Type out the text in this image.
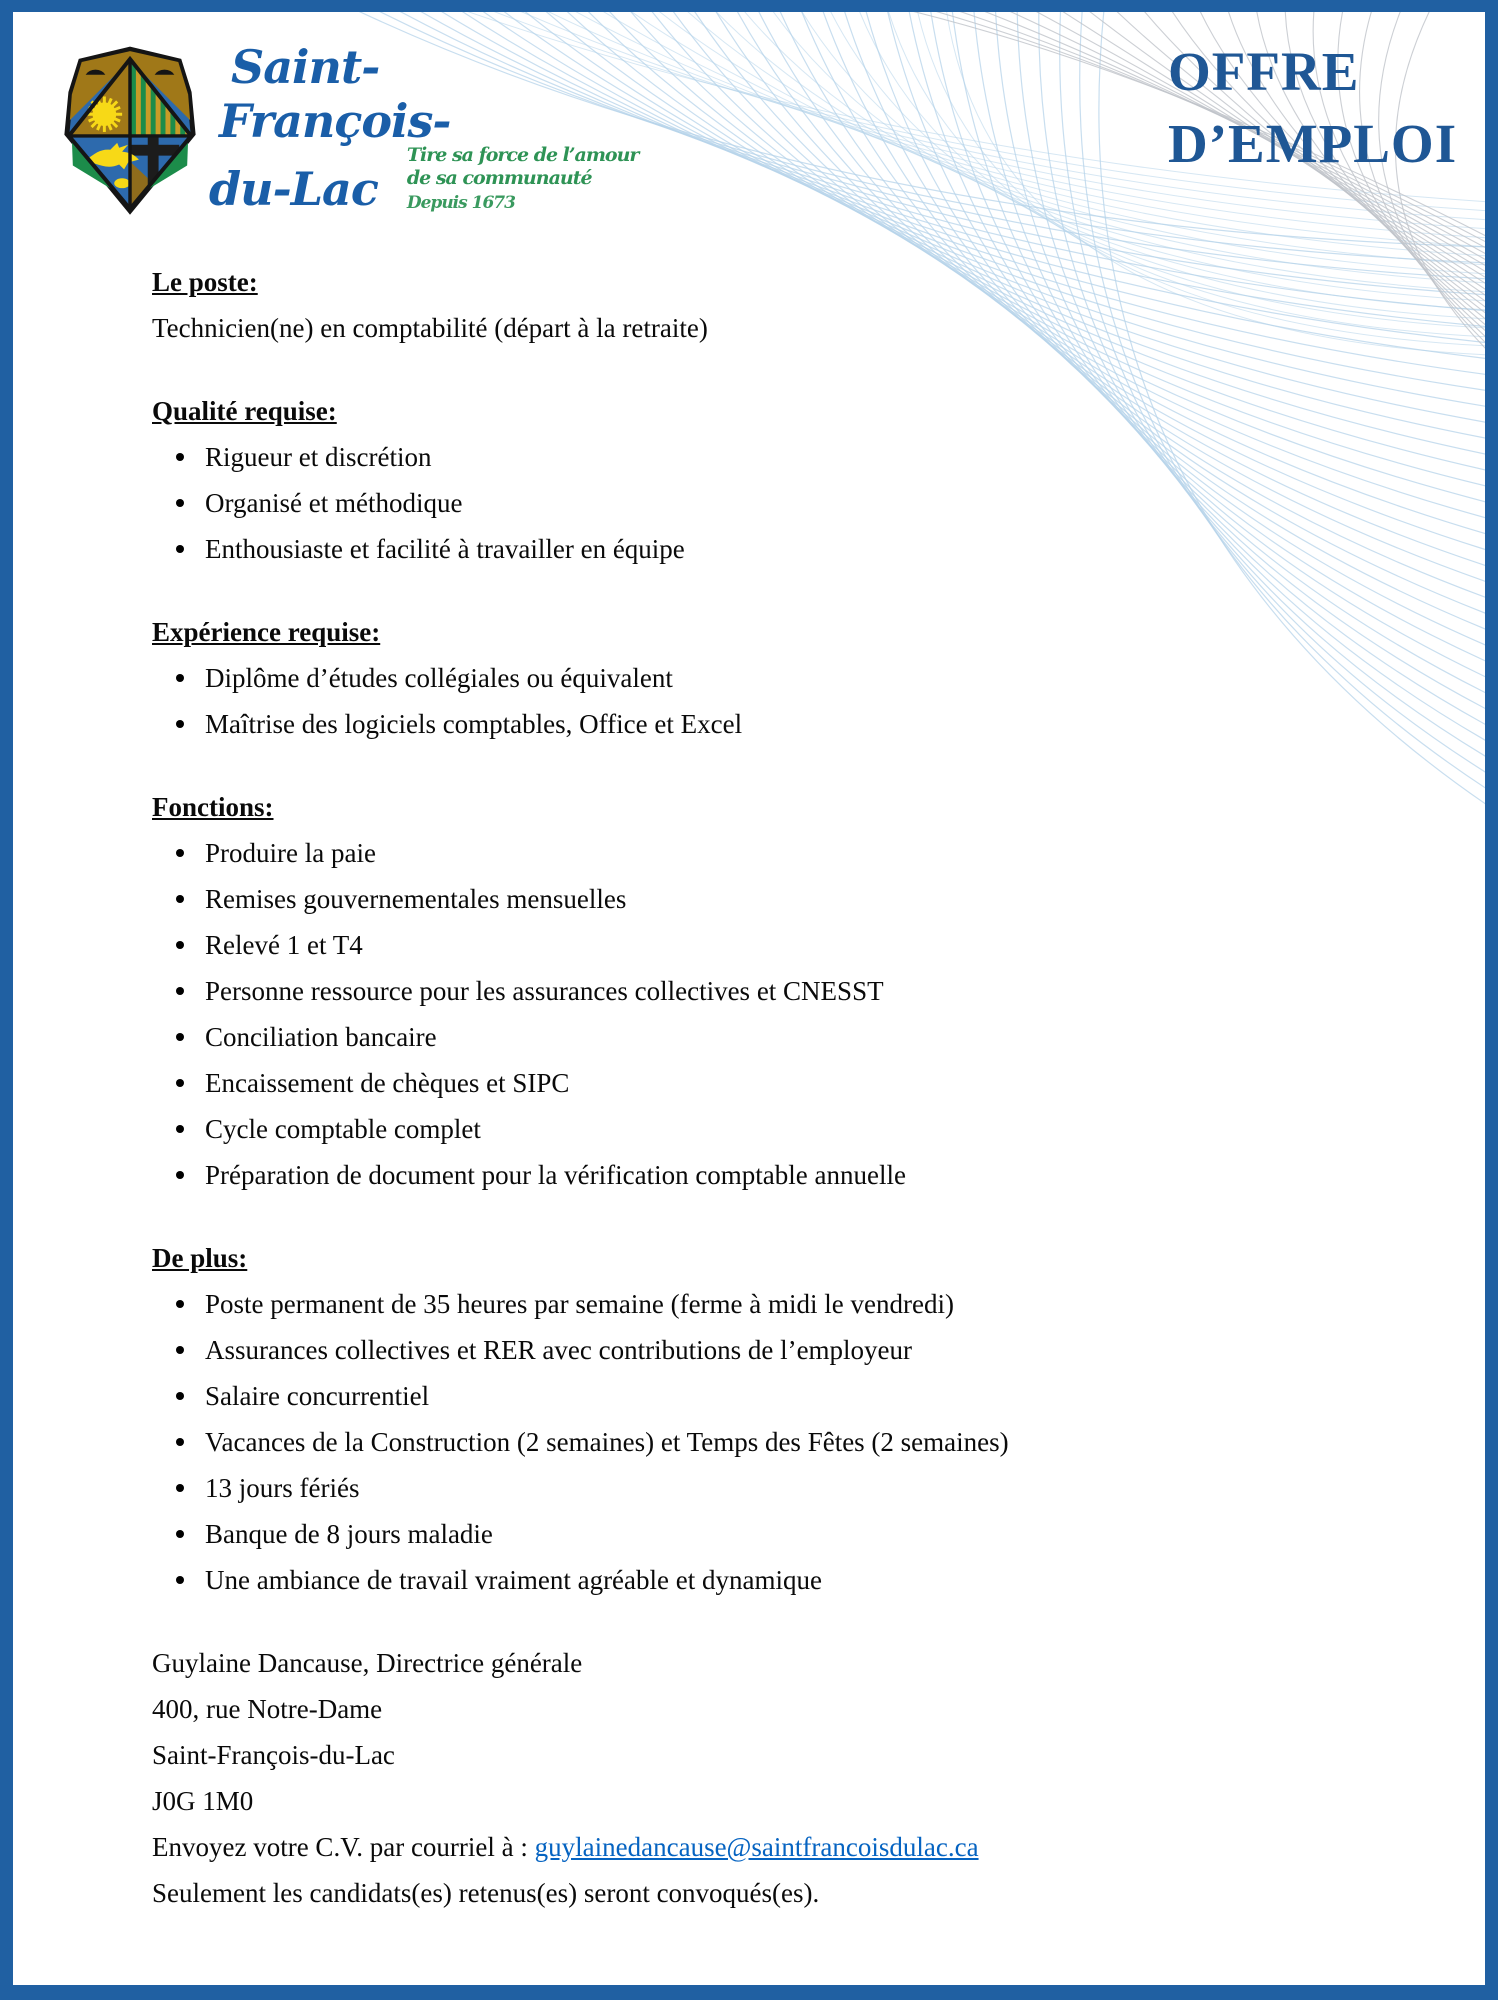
Saint-
François-
du-Lac
Tire sa force de l’amour
de sa communauté
Depuis 1673
OFFRE
D’EMPLOI
Le poste:

Technicien(ne) en comptabilité (départ à la retraite)

Qualité requise:
Rigueur et discrétion
Organisé et méthodique
Enthousiaste et facilité à travailler en équipe
Expérience requise:
Diplôme d’études collégiales ou équivalent
Maîtrise des logiciels comptables, Office et Excel
Fonctions:
Produire la paie
Remises gouvernementales mensuelles
Relevé 1 et T4
Personne ressource pour les assurances collectives et CNESST
Conciliation bancaire
Encaissement de chèques et SIPC
Cycle comptable complet
Préparation de document pour la vérification comptable annuelle
De plus:
Poste permanent de 35 heures par semaine (ferme à midi le vendredi)
Assurances collectives et RER avec contributions de l’employeur
Salaire concurrentiel
Vacances de la Construction (2 semaines) et Temps des Fêtes (2 semaines)
13 jours fériés
Banque de 8 jours maladie
Une ambiance de travail vraiment agréable et dynamique

Guylaine Dancause, Directrice générale

400, rue Notre-Dame

Saint-François-du-Lac

J0G 1M0

Envoyez votre C.V. par courriel à : guylainedancause@saintfrancoisdulac.ca

Seulement les candidats(es) retenus(es) seront convoqués(es).
